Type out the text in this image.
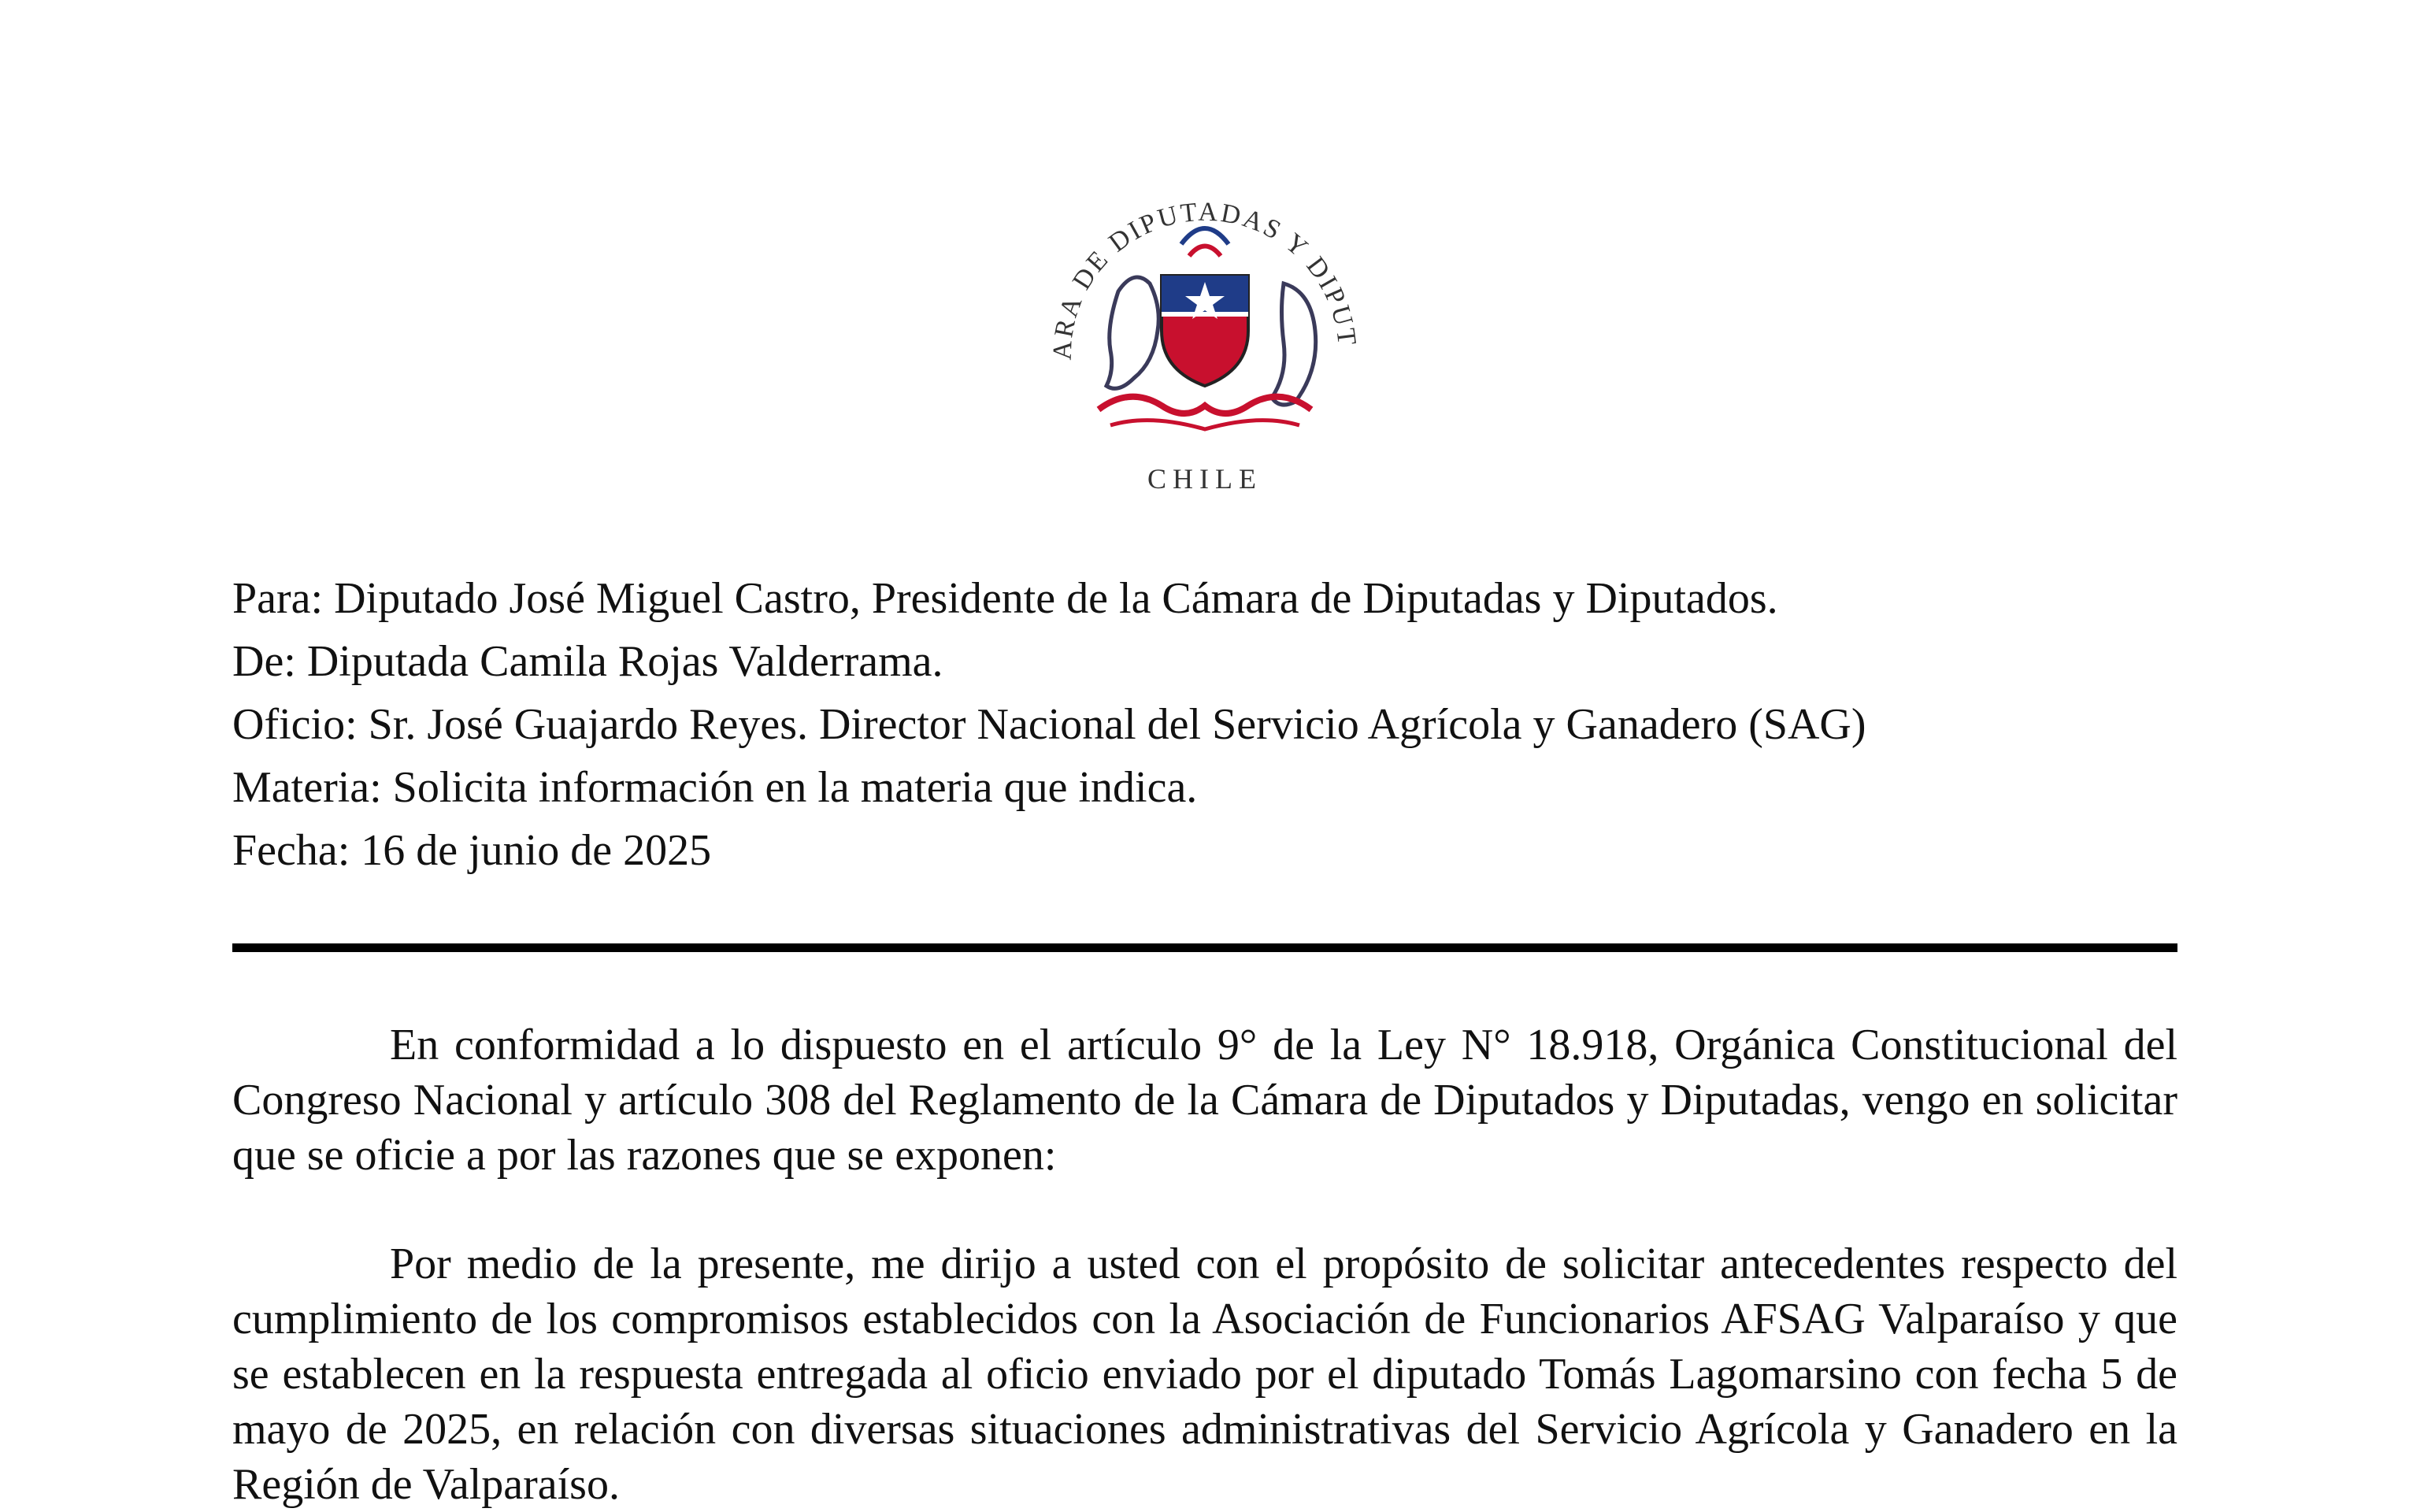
ARA DE DIPUTADAS Y DIPUT
CHILE
Para: Diputado José Miguel Castro, Presidente de la Cámara de Diputadas y Diputados.
De: Diputada Camila Rojas Valderrama.
Oficio: Sr. José Guajardo Reyes. Director Nacional del Servicio Agrícola y Ganadero (SAG)
Materia: Solicita información en la materia que indica.
Fecha: 16 de junio de 2025
En conformidad a lo dispuesto en el artículo 9° de la Ley N° 18.918, Orgánica Constitucional del Congreso Nacional y artículo 308 del Reglamento de la Cámara de Diputados y Diputadas, vengo en solicitar que se oficie a por las razones que se exponen:
Por medio de la presente, me dirijo a usted con el propósito de solicitar antecedentes respecto del cumplimiento de los compromisos establecidos con la Asociación de Funcionarios AFSAG Valparaíso y que se establecen en la respuesta entregada al oficio enviado por el diputado Tomás Lagomarsino con fecha 5 de mayo de 2025, en relación con diversas situaciones administrativas del Servicio Agrícola y Ganadero en la Región de Valparaíso.
